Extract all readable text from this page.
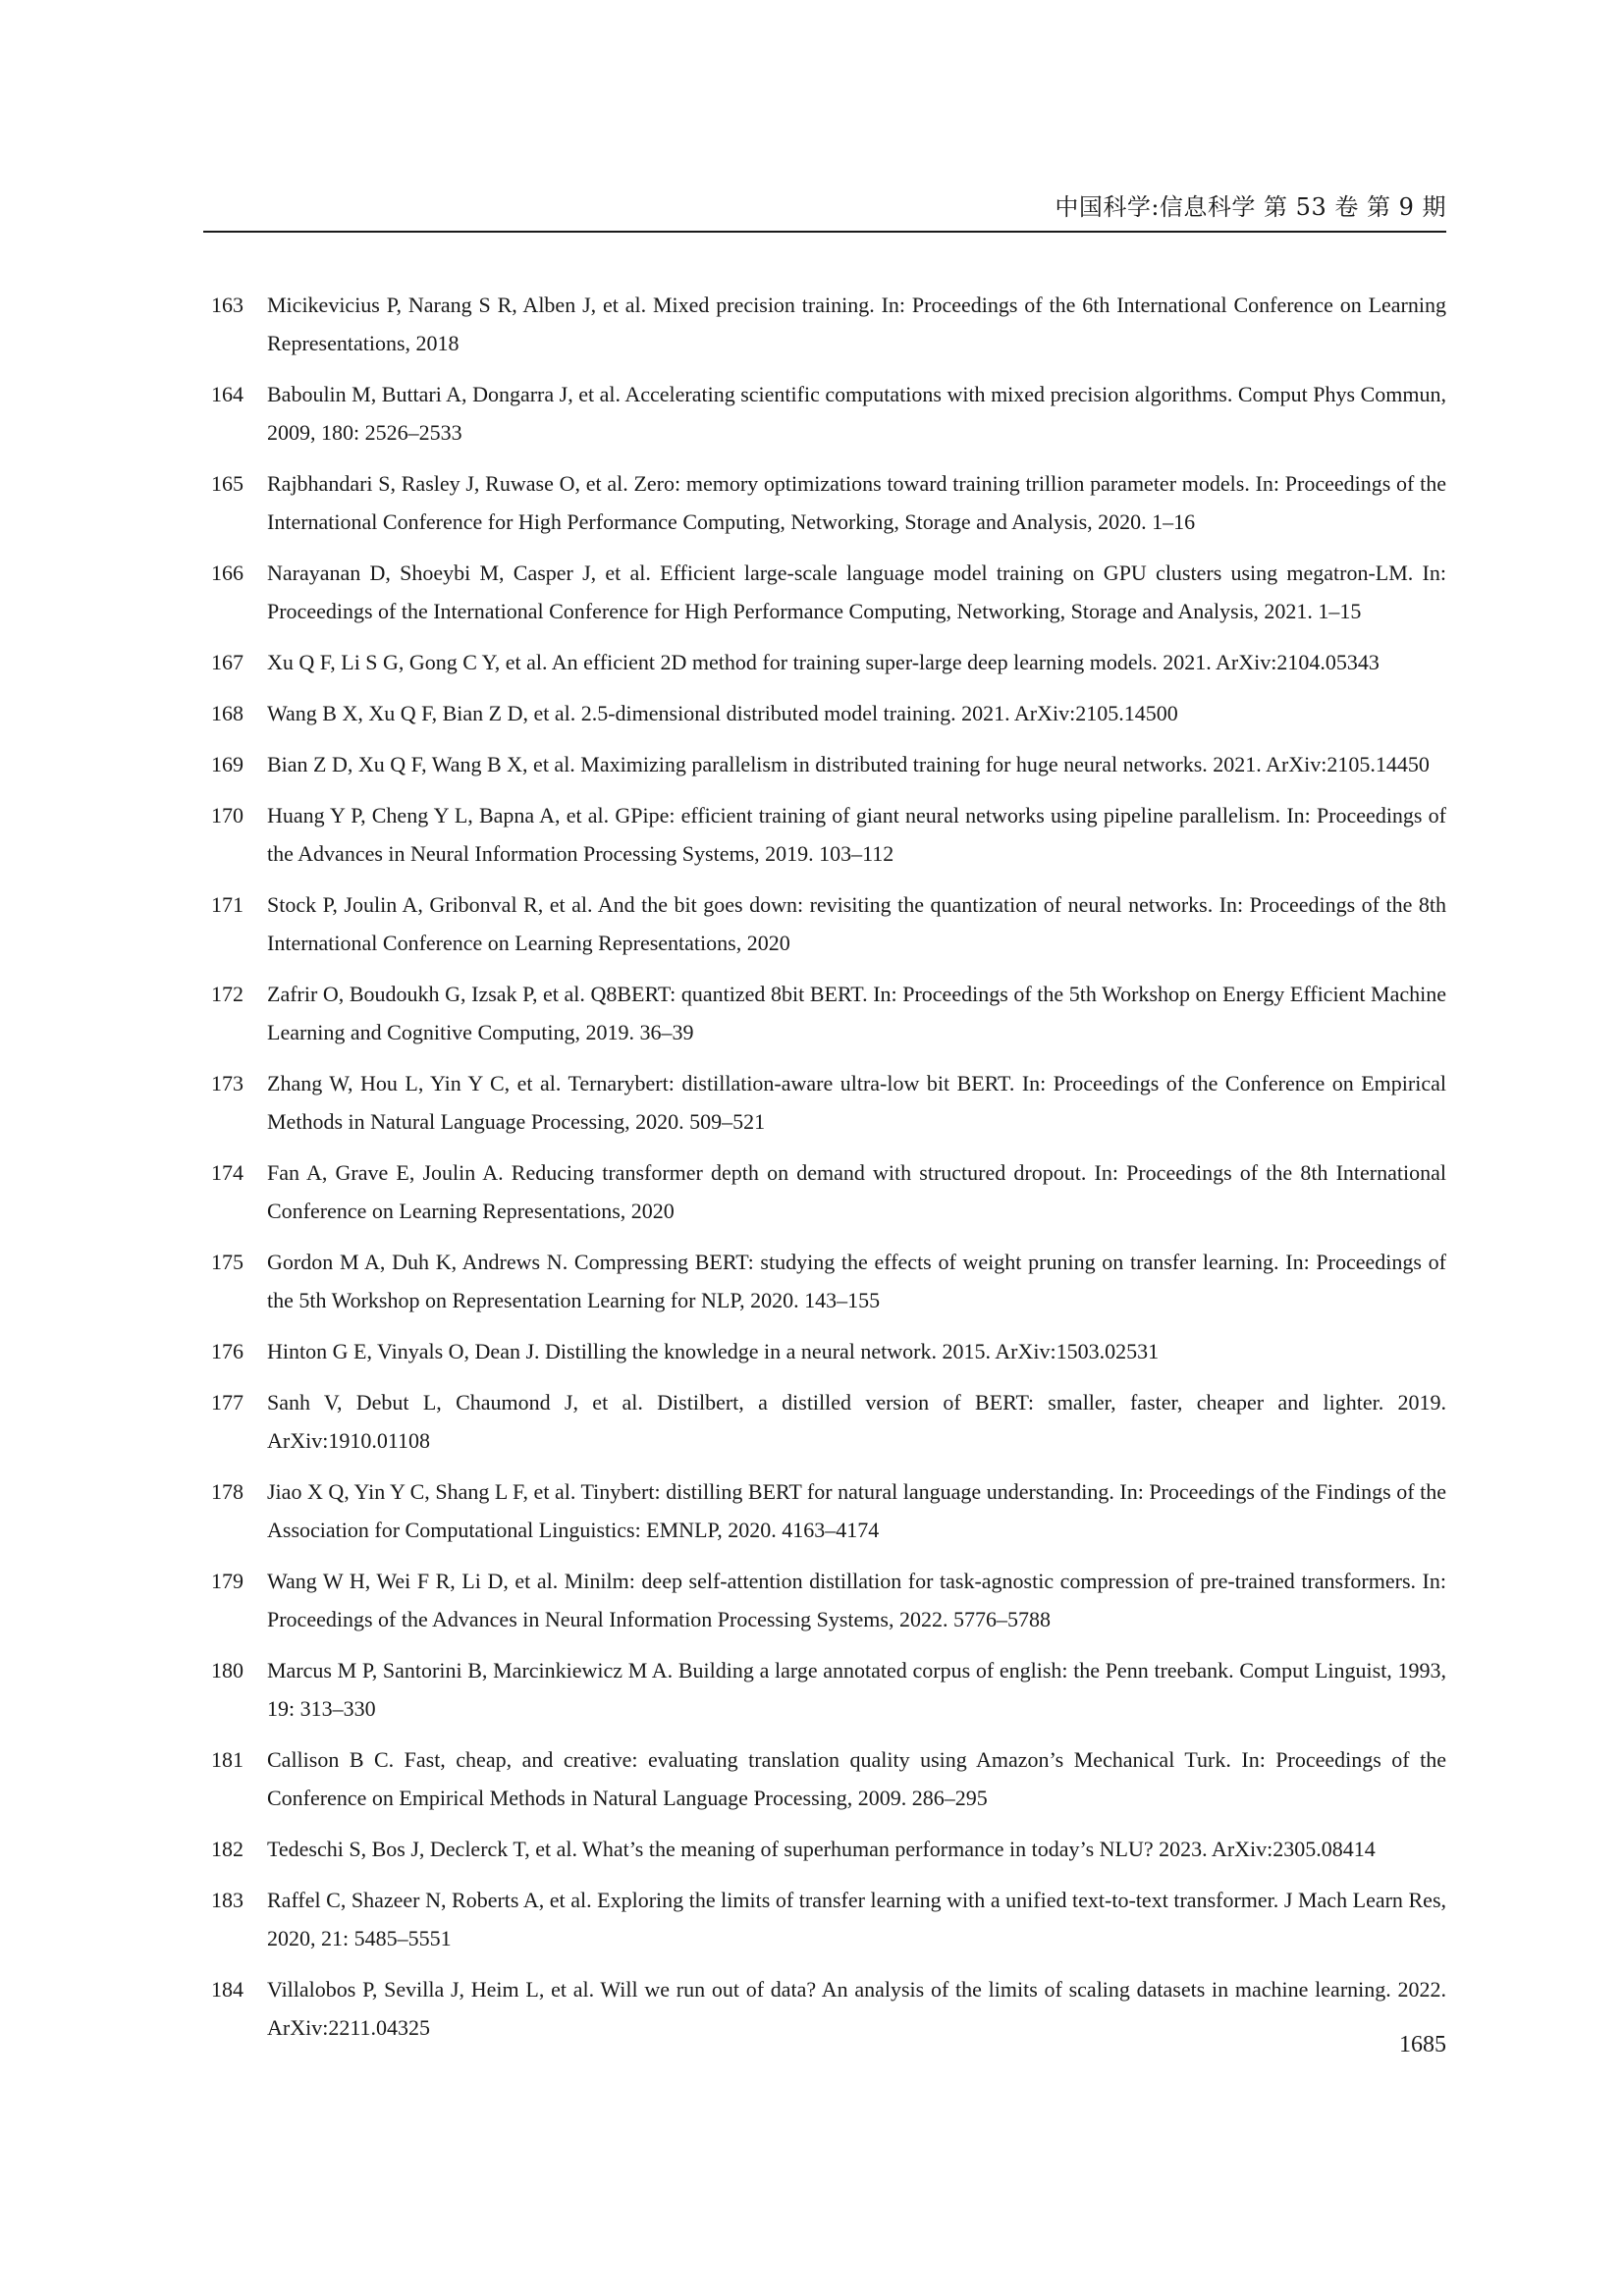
中国科学:信息科学 第 53 卷 第 9 期
163 Micikevicius P, Narang S R, Alben J, et al. Mixed precision training. In: Proceedings of the 6th International Conference on Learning Representations, 2018
164 Baboulin M, Buttari A, Dongarra J, et al. Accelerating scientific computations with mixed precision algorithms. Comput Phys Commun, 2009, 180: 2526–2533
165 Rajbhandari S, Rasley J, Ruwase O, et al. Zero: memory optimizations toward training trillion parameter models. In: Proceedings of the International Conference for High Performance Computing, Networking, Storage and Analysis, 2020. 1–16
166 Narayanan D, Shoeybi M, Casper J, et al. Efficient large-scale language model training on GPU clusters using megatron-LM. In: Proceedings of the International Conference for High Performance Computing, Networking, Storage and Analysis, 2021. 1–15
167 Xu Q F, Li S G, Gong C Y, et al. An efficient 2D method for training super-large deep learning models. 2021. ArXiv:2104.05343
168 Wang B X, Xu Q F, Bian Z D, et al. 2.5-dimensional distributed model training. 2021. ArXiv:2105.14500
169 Bian Z D, Xu Q F, Wang B X, et al. Maximizing parallelism in distributed training for huge neural networks. 2021. ArXiv:2105.14450
170 Huang Y P, Cheng Y L, Bapna A, et al. GPipe: efficient training of giant neural networks using pipeline parallelism. In: Proceedings of the Advances in Neural Information Processing Systems, 2019. 103–112
171 Stock P, Joulin A, Gribonval R, et al. And the bit goes down: revisiting the quantization of neural networks. In: Proceedings of the 8th International Conference on Learning Representations, 2020
172 Zafrir O, Boudoukh G, Izsak P, et al. Q8BERT: quantized 8bit BERT. In: Proceedings of the 5th Workshop on Energy Efficient Machine Learning and Cognitive Computing, 2019. 36–39
173 Zhang W, Hou L, Yin Y C, et al. Ternarybert: distillation-aware ultra-low bit BERT. In: Proceedings of the Conference on Empirical Methods in Natural Language Processing, 2020. 509–521
174 Fan A, Grave E, Joulin A. Reducing transformer depth on demand with structured dropout. In: Proceedings of the 8th International Conference on Learning Representations, 2020
175 Gordon M A, Duh K, Andrews N. Compressing BERT: studying the effects of weight pruning on transfer learning. In: Proceedings of the 5th Workshop on Representation Learning for NLP, 2020. 143–155
176 Hinton G E, Vinyals O, Dean J. Distilling the knowledge in a neural network. 2015. ArXiv:1503.02531
177 Sanh V, Debut L, Chaumond J, et al. Distilbert, a distilled version of BERT: smaller, faster, cheaper and lighter. 2019. ArXiv:1910.01108
178 Jiao X Q, Yin Y C, Shang L F, et al. Tinybert: distilling BERT for natural language understanding. In: Proceedings of the Findings of the Association for Computational Linguistics: EMNLP, 2020. 4163–4174
179 Wang W H, Wei F R, Li D, et al. Minilm: deep self-attention distillation for task-agnostic compression of pre-trained transformers. In: Proceedings of the Advances in Neural Information Processing Systems, 2022. 5776–5788
180 Marcus M P, Santorini B, Marcinkiewicz M A. Building a large annotated corpus of english: the Penn treebank. Comput Linguist, 1993, 19: 313–330
181 Callison B C. Fast, cheap, and creative: evaluating translation quality using Amazon’s Mechanical Turk. In: Proceedings of the Conference on Empirical Methods in Natural Language Processing, 2009. 286–295
182 Tedeschi S, Bos J, Declerck T, et al. What’s the meaning of superhuman performance in today’s NLU? 2023. ArXiv:2305.08414
183 Raffel C, Shazeer N, Roberts A, et al. Exploring the limits of transfer learning with a unified text-to-text transformer. J Mach Learn Res, 2020, 21: 5485–5551
184 Villalobos P, Sevilla J, Heim L, et al. Will we run out of data? An analysis of the limits of scaling datasets in machine learning. 2022. ArXiv:2211.04325
1685
